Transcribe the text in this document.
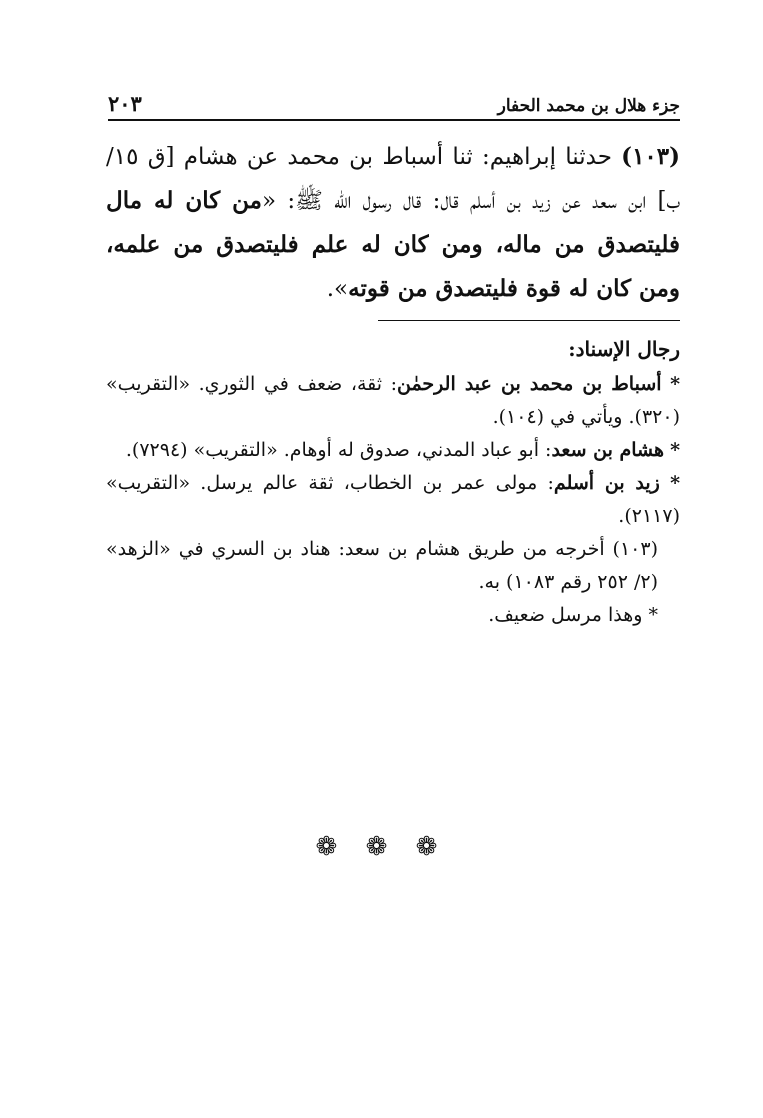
جزء هلال بن محمد الحفار
٢٠٣

(١٠٣) حدثنا إبراهيم: ثنا أسباط بن محمد عن هشام [ق ١٥/ ب] ابن سعد عن زيد بن أسلم قال: قال رسول الله ﷺ: «من كان له مال فليتصدق من ماله، ومن كان له علم فليتصدق من علمه، ومن كان له قوة فليتصدق من قوته».

رجال الإسناد:

* أسباط بن محمد بن عبد الرحمٰن: ثقة، ضعف في الثوري. «التقريب» (٣٢٠). ويأتي في (١٠٤).

* هشام بن سعد: أبو عباد المدني، صدوق له أوهام. «التقريب» (٧٢٩٤).

* زيد بن أسلم: مولى عمر بن الخطاب، ثقة عالم يرسل. «التقريب» (٢١١٧).

(١٠٣) أخرجه من طريق هشام بن سعد: هناد بن السري في «الزهد» (٢/ ٢٥٢ رقم ١٠٨٣) به.

* وهذا مرسل ضعيف.

❁ ❁ ❁
